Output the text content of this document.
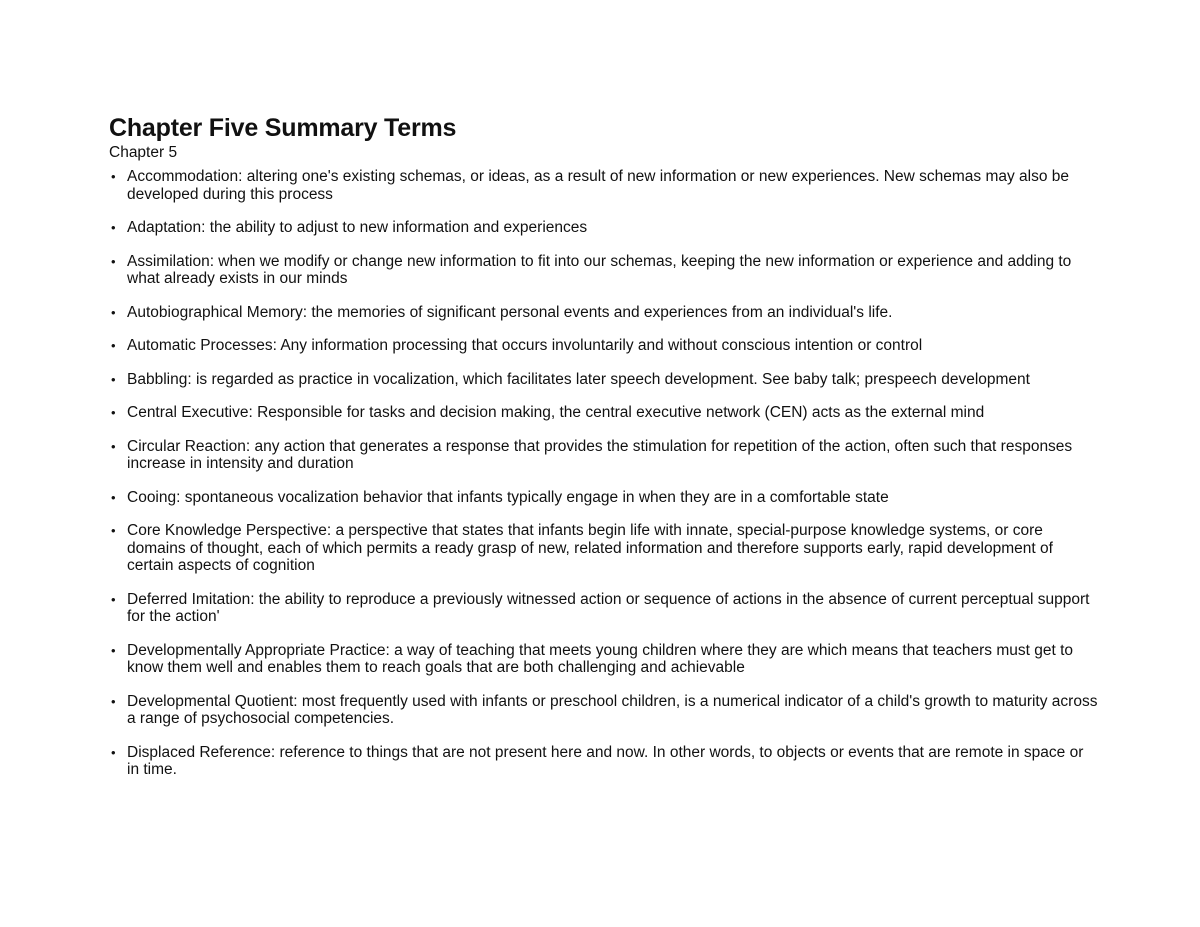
Chapter Five Summary Terms

Chapter 5

• Accommodation: altering one's existing schemas, or ideas, as a result of new information or new experiences. New schemas may also be developed during this process
• Adaptation: the ability to adjust to new information and experiences
• Assimilation: when we modify or change new information to fit into our schemas, keeping the new information or experience and adding to what already exists in our minds
• Autobiographical Memory: the memories of significant personal events and experiences from an individual's life.
• Automatic Processes: Any information processing that occurs involuntarily and without conscious intention or control
• Babbling: is regarded as practice in vocalization, which facilitates later speech development. See baby talk; prespeech development
• Central Executive: Responsible for tasks and decision making, the central executive network (CEN) acts as the external mind
• Circular Reaction: any action that generates a response that provides the stimulation for repetition of the action, often such that responses increase in intensity and duration
• Cooing: spontaneous vocalization behavior that infants typically engage in when they are in a comfortable state
• Core Knowledge Perspective: a perspective that states that infants begin life with innate, special-purpose knowledge systems, or core domains of thought, each of which permits a ready grasp of new, related information and therefore supports early, rapid development of certain aspects of cognition
• Deferred Imitation: the ability to reproduce a previously witnessed action or sequence of actions in the absence of current perceptual support for the action'
• Developmentally Appropriate Practice: a way of teaching that meets young children where they are which means that teachers must get to know them well and enables them to reach goals that are both challenging and achievable
• Developmental Quotient: most frequently used with infants or preschool children, is a numerical indicator of a child's growth to maturity across a range of psychosocial competencies.
• Displaced Reference: reference to things that are not present here and now. In other words, to objects or events that are remote in space or in time.
